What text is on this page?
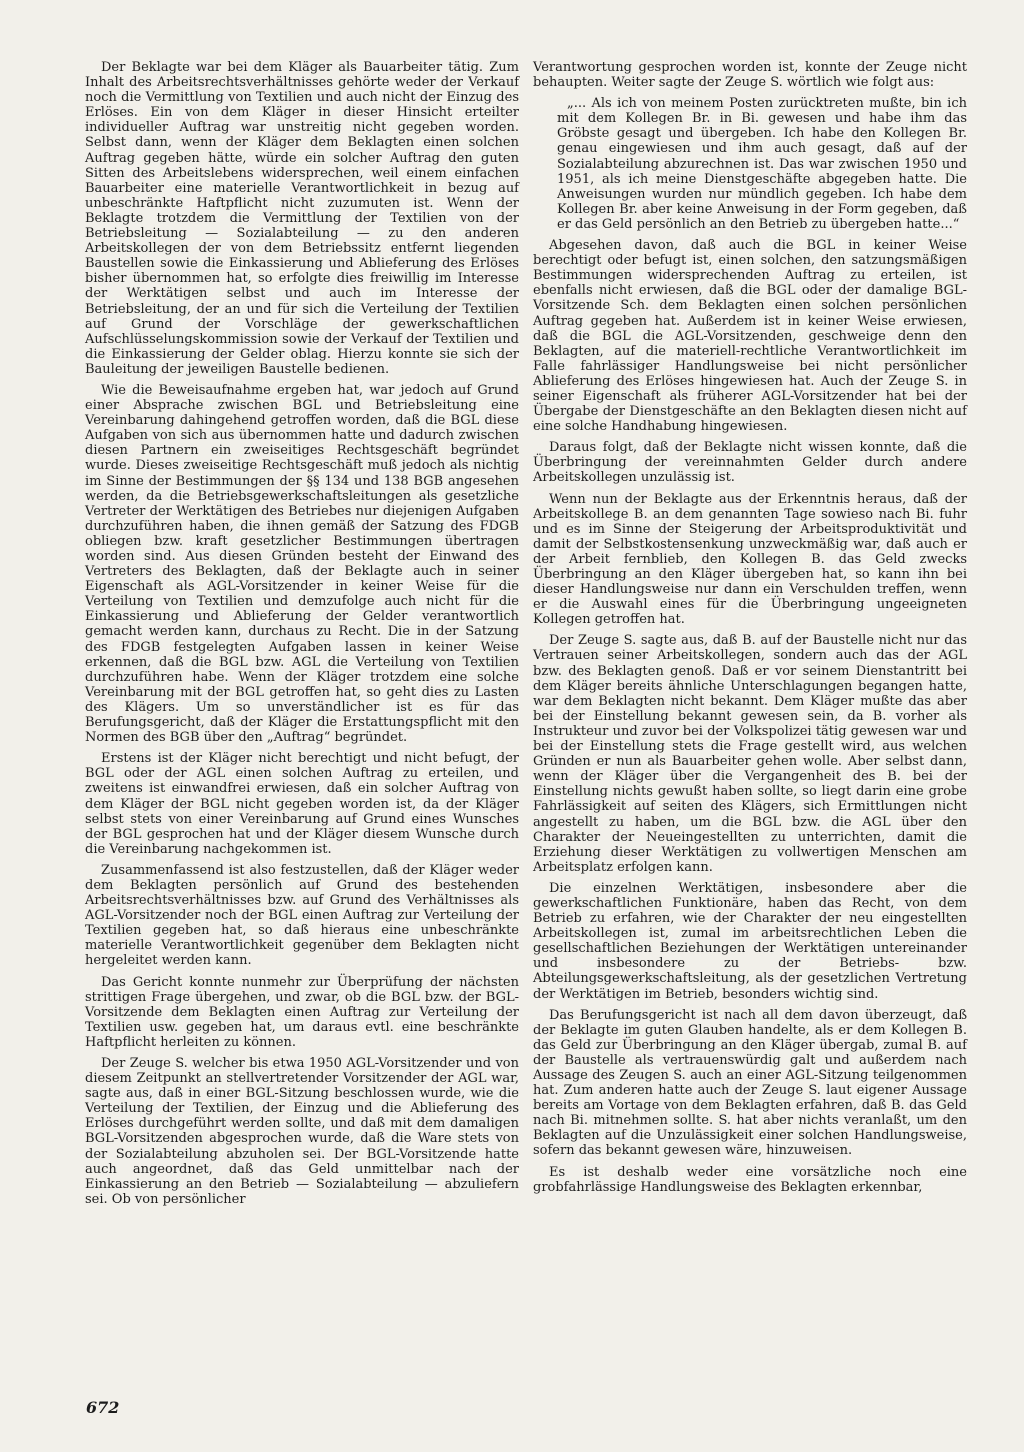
Der Beklagte war bei dem Kläger als Bauarbeiter tätig. Zum Inhalt des Arbeitsrechtsverhältnisses gehörte weder der Verkauf noch die Vermittlung von Textilien und auch nicht der Einzug des Erlöses. Ein von dem Kläger in dieser Hinsicht erteilter individueller Auftrag war unstreitig nicht gegeben worden. Selbst dann, wenn der Kläger dem Beklagten einen solchen Auftrag gegeben hätte, würde ein solcher Auftrag den guten Sitten des Arbeitslebens widersprechen, weil einem einfachen Bauarbeiter eine materielle Verantwortlichkeit in bezug auf unbeschränkte Haftpflicht nicht zuzumuten ist. Wenn der Beklagte trotzdem die Vermittlung der Textilien von der Betriebsleitung — Sozialabteilung — zu den anderen Arbeitskollegen der von dem Betriebssitz entfernt liegenden Baustellen sowie die Einkassierung und Ablieferung des Erlöses bisher übernommen hat, so erfolgte dies freiwillig im Interesse der Werktätigen selbst und auch im Interesse der Betriebsleitung, der an und für sich die Verteilung der Textilien auf Grund der Vorschläge der gewerkschaftlichen Aufschlüsselungskommission sowie der Verkauf der Textilien und die Einkassierung der Gelder oblag. Hierzu konnte sie sich der Bauleitung der jeweiligen Baustelle bedienen.

Wie die Beweisaufnahme ergeben hat, war jedoch auf Grund einer Absprache zwischen BGL und Betriebsleitung eine Vereinbarung dahingehend getroffen worden, daß die BGL diese Aufgaben von sich aus übernommen hatte und dadurch zwischen diesen Partnern ein zweiseitiges Rechtsgeschäft begründet wurde. Dieses zweiseitige Rechtsgeschäft muß jedoch als nichtig im Sinne der Bestimmungen der §§ 134 und 138 BGB angesehen werden, da die Betriebsgewerkschaftsleitungen als gesetzliche Vertreter der Werktätigen des Betriebes nur diejenigen Aufgaben durchzuführen haben, die ihnen gemäß der Satzung des FDGB obliegen bzw. kraft gesetzlicher Bestimmungen übertragen worden sind. Aus diesen Gründen besteht der Einwand des Vertreters des Beklagten, daß der Beklagte auch in seiner Eigenschaft als AGL-Vorsitzender in keiner Weise für die Verteilung von Textilien und demzufolge auch nicht für die Einkassierung und Ablieferung der Gelder verantwortlich gemacht werden kann, durchaus zu Recht. Die in der Satzung des FDGB festgelegten Aufgaben lassen in keiner Weise erkennen, daß die BGL bzw. AGL die Verteilung von Textilien durchzuführen habe. Wenn der Kläger trotzdem eine solche Vereinbarung mit der BGL getroffen hat, so geht dies zu Lasten des Klägers. Um so unverständlicher ist es für das Berufungsgericht, daß der Kläger die Erstattungspflicht mit den Normen des BGB über den „Auftrag“ begründet.

Erstens ist der Kläger nicht berechtigt und nicht befugt, der BGL oder der AGL einen solchen Auftrag zu erteilen, und zweitens ist einwandfrei erwiesen, daß ein solcher Auftrag von dem Kläger der BGL nicht gegeben worden ist, da der Kläger selbst stets von einer Vereinbarung auf Grund eines Wunsches der BGL gesprochen hat und der Kläger diesem Wunsche durch die Vereinbarung nachgekommen ist.

Zusammenfassend ist also festzustellen, daß der Kläger weder dem Beklagten persönlich auf Grund des bestehenden Arbeitsrechtsverhältnisses bzw. auf Grund des Verhältnisses als AGL-Vorsitzender noch der BGL einen Auftrag zur Verteilung der Textilien gegeben hat, so daß hieraus eine unbeschränkte materielle Verantwortlichkeit gegenüber dem Beklagten nicht hergeleitet werden kann.

Das Gericht konnte nunmehr zur Überprüfung der nächsten strittigen Frage übergehen, und zwar, ob die BGL bzw. der BGL-Vorsitzende dem Beklagten einen Auftrag zur Verteilung der Textilien usw. gegeben hat, um daraus evtl. eine beschränkte Haftpflicht herleiten zu können.

Der Zeuge S. welcher bis etwa 1950 AGL-Vorsitzender und von diesem Zeitpunkt an stellvertretender Vorsitzender der AGL war, sagte aus, daß in einer BGL-Sitzung beschlossen wurde, wie die Verteilung der Textilien, der Einzug und die Ablieferung des Erlöses durchgeführt werden sollte, und daß mit dem damaligen BGL-Vorsitzenden abgesprochen wurde, daß die Ware stets von der Sozialabteilung abzuholen sei. Der BGL-Vorsitzende hatte auch angeordnet, daß das Geld unmittelbar nach der Einkassierung an den Betrieb — Sozialabteilung — abzuliefern sei. Ob von persönlicher

Verantwortung gesprochen worden ist, konnte der Zeuge nicht behaupten. Weiter sagte der Zeuge S. wörtlich wie folgt aus:

„... Als ich von meinem Posten zurücktreten mußte, bin ich mit dem Kollegen Br. in Bi. gewesen und habe ihm das Gröbste gesagt und übergeben. Ich habe den Kollegen Br. genau eingewiesen und ihm auch gesagt, daß auf der Sozialabteilung abzurechnen ist. Das war zwischen 1950 und 1951, als ich meine Dienstgeschäfte abgegeben hatte. Die Anweisungen wurden nur mündlich gegeben. Ich habe dem Kollegen Br. aber keine Anweisung in der Form gegeben, daß er das Geld persönlich an den Betrieb zu übergeben hatte...“

Abgesehen davon, daß auch die BGL in keiner Weise berechtigt oder befugt ist, einen solchen, den satzungsmäßigen Bestimmungen widersprechenden Auftrag zu erteilen, ist ebenfalls nicht erwiesen, daß die BGL oder der damalige BGL-Vorsitzende Sch. dem Beklagten einen solchen persönlichen Auftrag gegeben hat. Außerdem ist in keiner Weise erwiesen, daß die BGL die AGL-Vorsitzenden, geschweige denn den Beklagten, auf die materiell-rechtliche Verantwortlichkeit im Falle fahrlässiger Handlungsweise bei nicht persönlicher Ablieferung des Erlöses hingewiesen hat. Auch der Zeuge S. in seiner Eigenschaft als früherer AGL-Vorsitzender hat bei der Übergabe der Dienstgeschäfte an den Beklagten diesen nicht auf eine solche Handhabung hingewiesen.

Daraus folgt, daß der Beklagte nicht wissen konnte, daß die Überbringung der vereinnahmten Gelder durch andere Arbeitskollegen unzulässig ist.

Wenn nun der Beklagte aus der Erkenntnis heraus, daß der Arbeitskollege B. an dem genannten Tage sowieso nach Bi. fuhr und es im Sinne der Steigerung der Arbeitsproduktivität und damit der Selbstkostensenkung unzweckmäßig war, daß auch er der Arbeit fernblieb, den Kollegen B. das Geld zwecks Überbringung an den Kläger übergeben hat, so kann ihn bei dieser Handlungsweise nur dann ein Verschulden treffen, wenn er die Auswahl eines für die Überbringung ungeeigneten Kollegen getroffen hat.

Der Zeuge S. sagte aus, daß B. auf der Baustelle nicht nur das Vertrauen seiner Arbeitskollegen, sondern auch das der AGL bzw. des Beklagten genoß. Daß er vor seinem Dienstantritt bei dem Kläger bereits ähnliche Unterschlagungen begangen hatte, war dem Beklagten nicht bekannt. Dem Kläger mußte das aber bei der Einstellung bekannt gewesen sein, da B. vorher als Instrukteur und zuvor bei der Volkspolizei tätig gewesen war und bei der Einstellung stets die Frage gestellt wird, aus welchen Gründen er nun als Bauarbeiter gehen wolle. Aber selbst dann, wenn der Kläger über die Vergangenheit des B. bei der Einstellung nichts gewußt haben sollte, so liegt darin eine grobe Fahrlässigkeit auf seiten des Klägers, sich Ermittlungen nicht angestellt zu haben, um die BGL bzw. die AGL über den Charakter der Neueingestellten zu unterrichten, damit die Erziehung dieser Werktätigen zu vollwertigen Menschen am Arbeitsplatz erfolgen kann.

Die einzelnen Werktätigen, insbesondere aber die gewerkschaftlichen Funktionäre, haben das Recht, von dem Betrieb zu erfahren, wie der Charakter der neu eingestellten Arbeitskollegen ist, zumal im arbeitsrechtlichen Leben die gesellschaftlichen Beziehungen der Werktätigen untereinander und insbesondere zu der Betriebs- bzw. Abteilungsgewerkschaftsleitung, als der gesetzlichen Vertretung der Werktätigen im Betrieb, besonders wichtig sind.

Das Berufungsgericht ist nach all dem davon überzeugt, daß der Beklagte im guten Glauben handelte, als er dem Kollegen B. das Geld zur Überbringung an den Kläger übergab, zumal B. auf der Baustelle als vertrauenswürdig galt und außerdem nach Aussage des Zeugen S. auch an einer AGL-Sitzung teilgenommen hat. Zum anderen hatte auch der Zeuge S. laut eigener Aussage bereits am Vortage von dem Beklagten erfahren, daß B. das Geld nach Bi. mitnehmen sollte. S. hat aber nichts veranlaßt, um den Beklagten auf die Unzulässigkeit einer solchen Handlungsweise, sofern das bekannt gewesen wäre, hinzuweisen.

Es ist deshalb weder eine vorsätzliche noch eine grobfahrlässige Handlungsweise des Beklagten erkennbar,

672
